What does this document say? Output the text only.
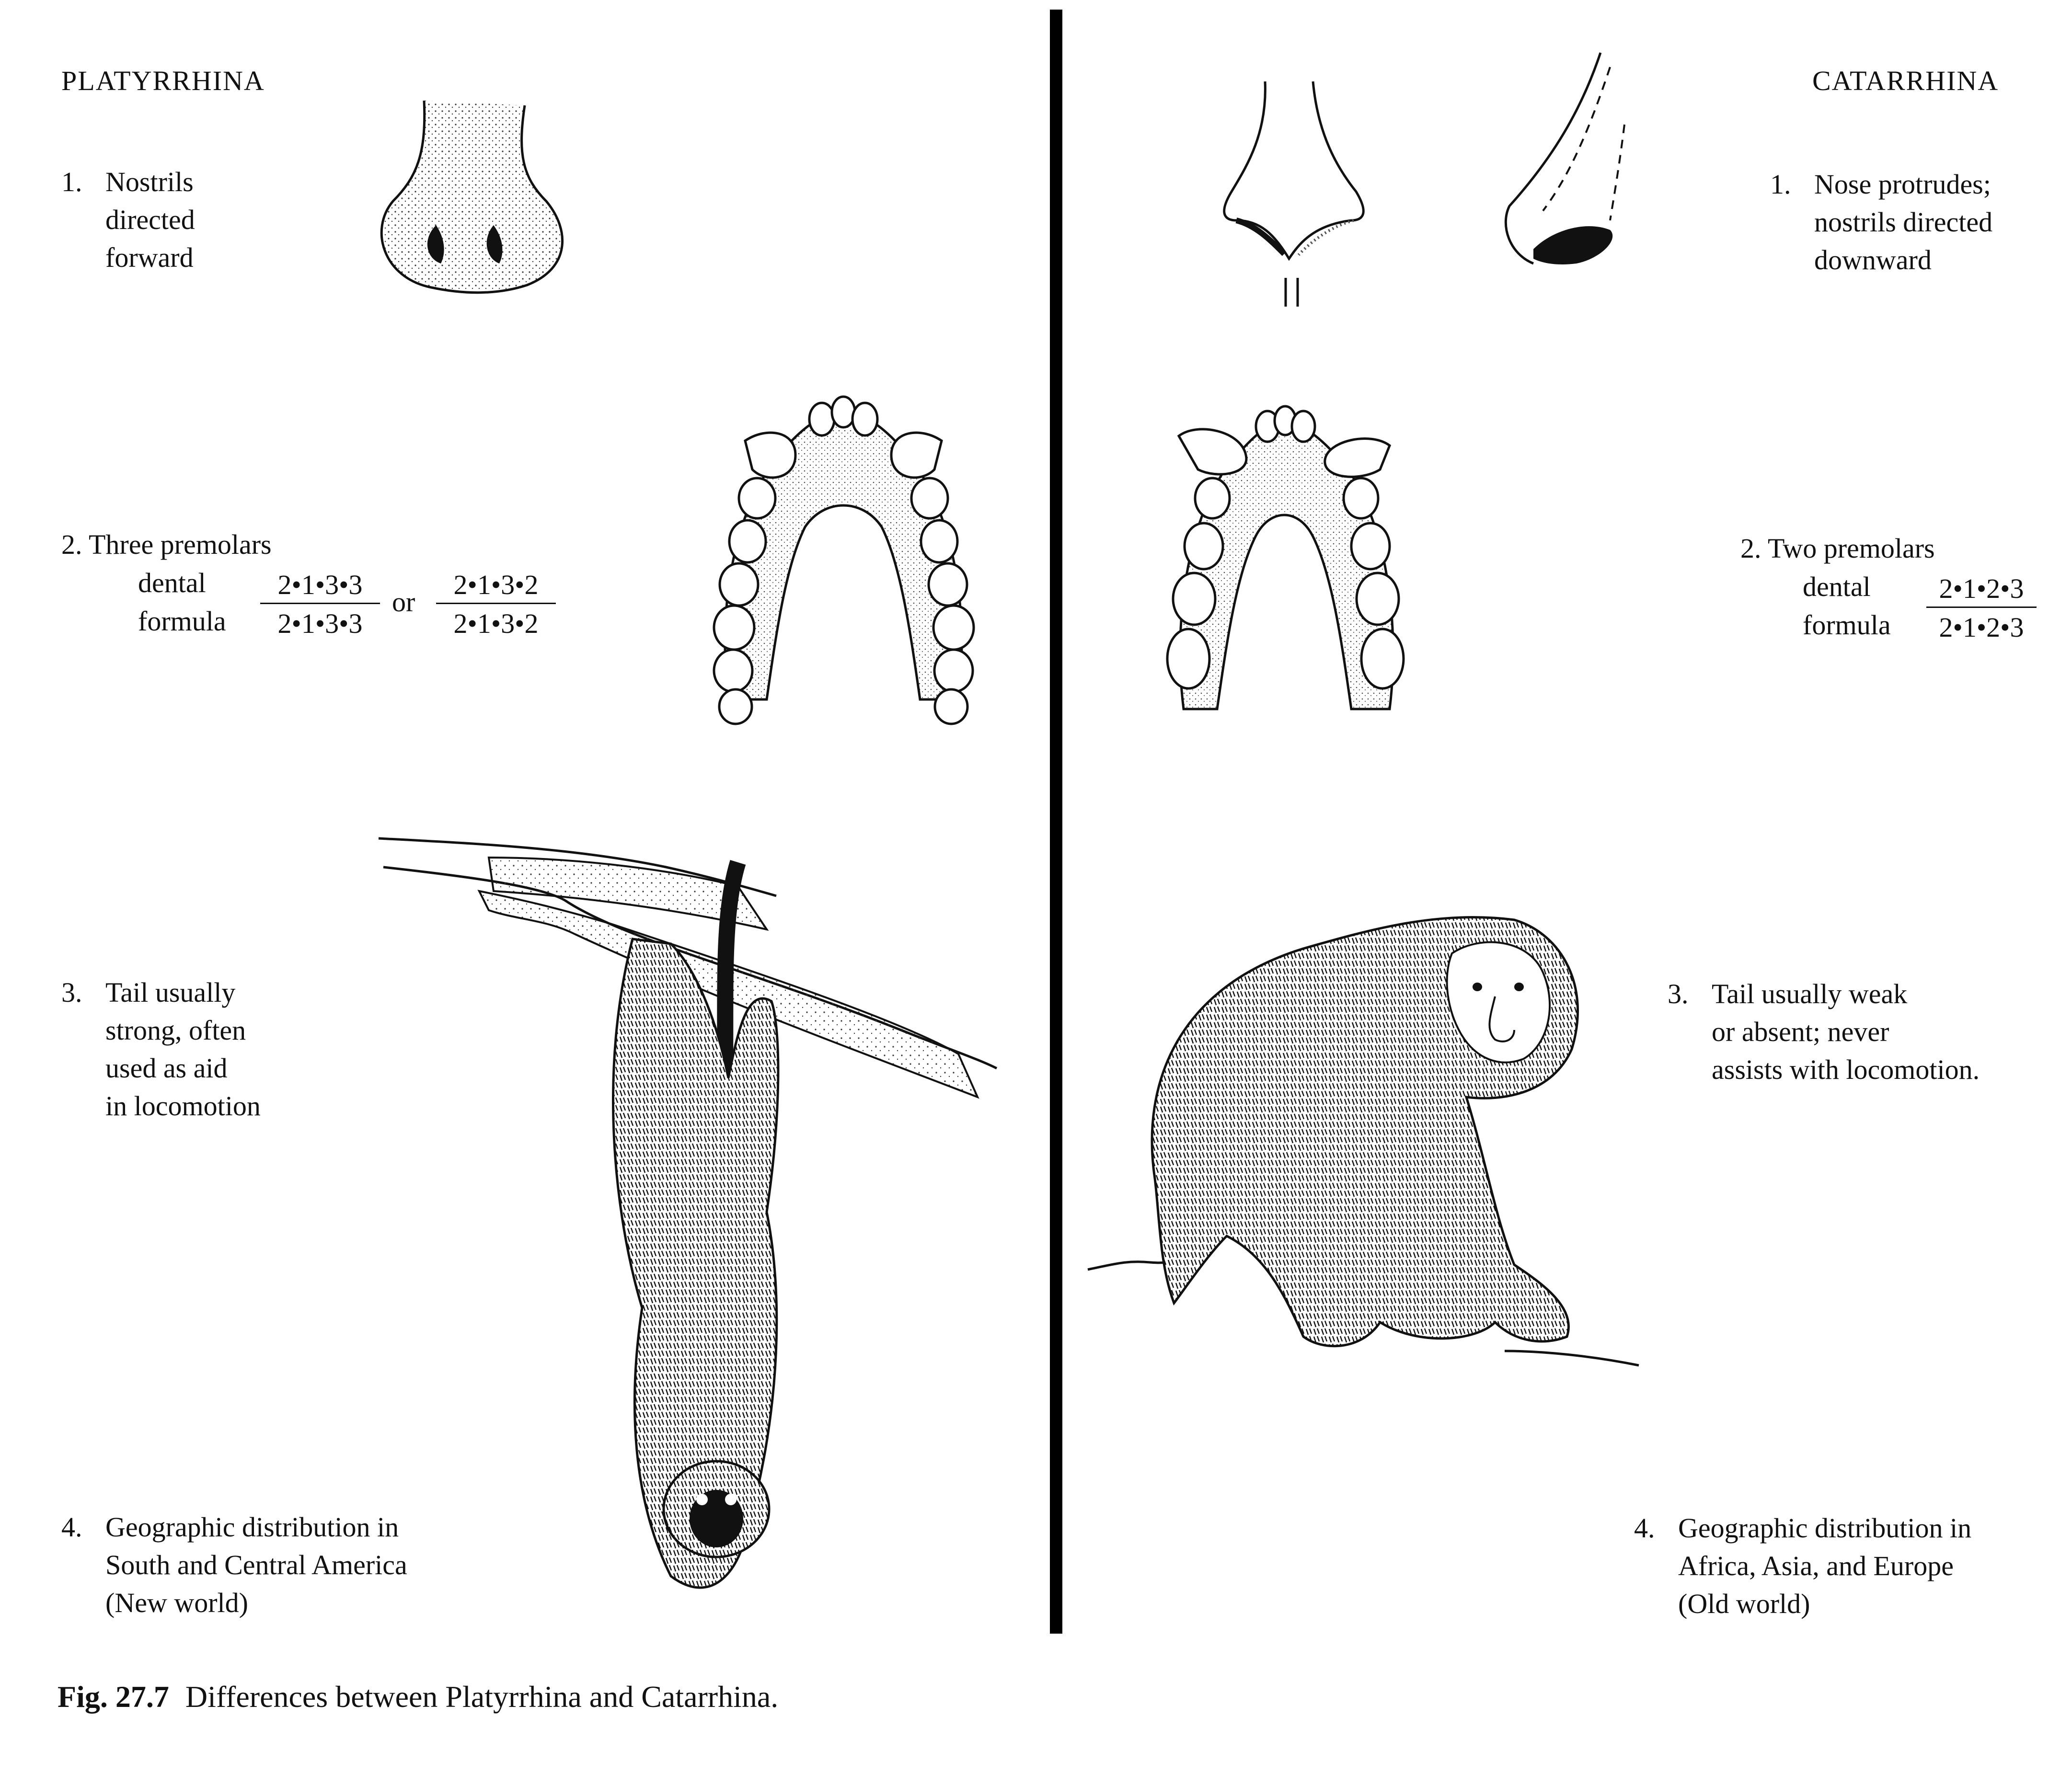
PLATYRRHINA	CATARRHINA
1. Nostrils
directed
forward
2. Three premolars
dental
formula
2•1•3•3
2•1•3•3
or
2•1•3•2
2•1•3•2
3. Tail usually
strong, often
used as aid
in locomotion
4. Geographic distribution in
South and Central America
(New world)
1. Nose protrudes;
nostrils directed
downward
2. Two premolars
dental
formula
2•1•2•3
2•1•2•3
3. Tail usually weak
or absent; never
assists with locomotion.
4. Geographic distribution in
Africa, Asia, and Europe
(Old world)
Fig. 27.7 Differences between Platyrrhina and Catarrhina.
